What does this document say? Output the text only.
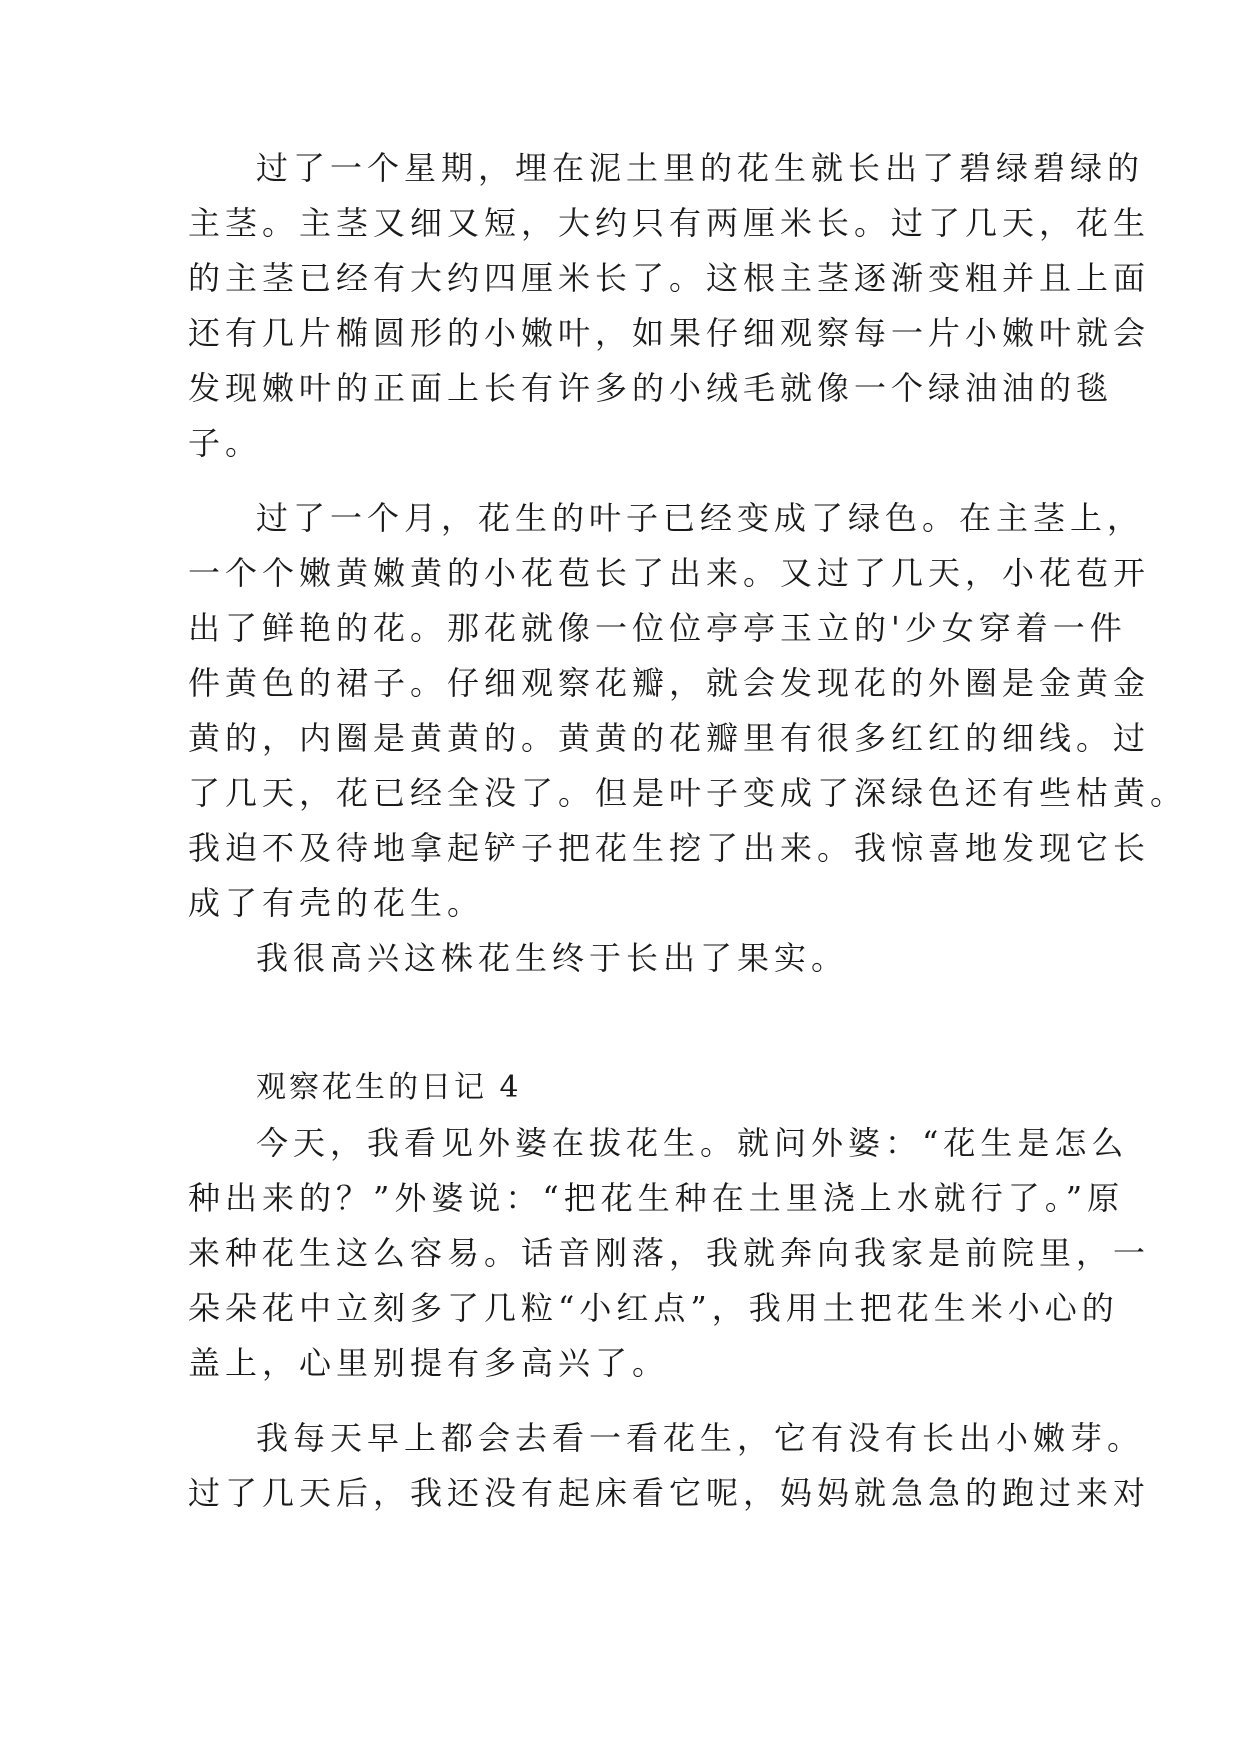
过了一个星期，埋在泥土里的花生就长出了碧绿碧绿的
主茎。主茎又细又短，大约只有两厘米长。过了几天，花生
的主茎已经有大约四厘米长了。这根主茎逐渐变粗并且上面
还有几片椭圆形的小嫩叶，如果仔细观察每一片小嫩叶就会
发现嫩叶的正面上长有许多的小绒毛就像一个绿油油的毯
子。
过了一个月，花生的叶子已经变成了绿色。在主茎上，
一个个嫩黄嫩黄的小花苞长了出来。又过了几天，小花苞开
出了鲜艳的花。那花就像一位位亭亭玉立的'少女穿着一件
件黄色的裙子。仔细观察花瓣，就会发现花的外圈是金黄金
黄的，内圈是黄黄的。黄黄的花瓣里有很多红红的细线。过
了几天，花已经全没了。但是叶子变成了深绿色还有些枯黄。
我迫不及待地拿起铲子把花生挖了出来。我惊喜地发现它长
成了有壳的花生。
我很高兴这株花生终于长出了果实。
观察花生的日记 4
今天，我看见外婆在拔花生。就问外婆：“花生是怎么
种出来的？”外婆说：“把花生种在土里浇上水就行了。”原
来种花生这么容易。话音刚落，我就奔向我家是前院里，一
朵朵花中立刻多了几粒“小红点”，我用土把花生米小心的
盖上，心里别提有多高兴了。
我每天早上都会去看一看花生，它有没有长出小嫩芽。
过了几天后，我还没有起床看它呢，妈妈就急急的跑过来对
